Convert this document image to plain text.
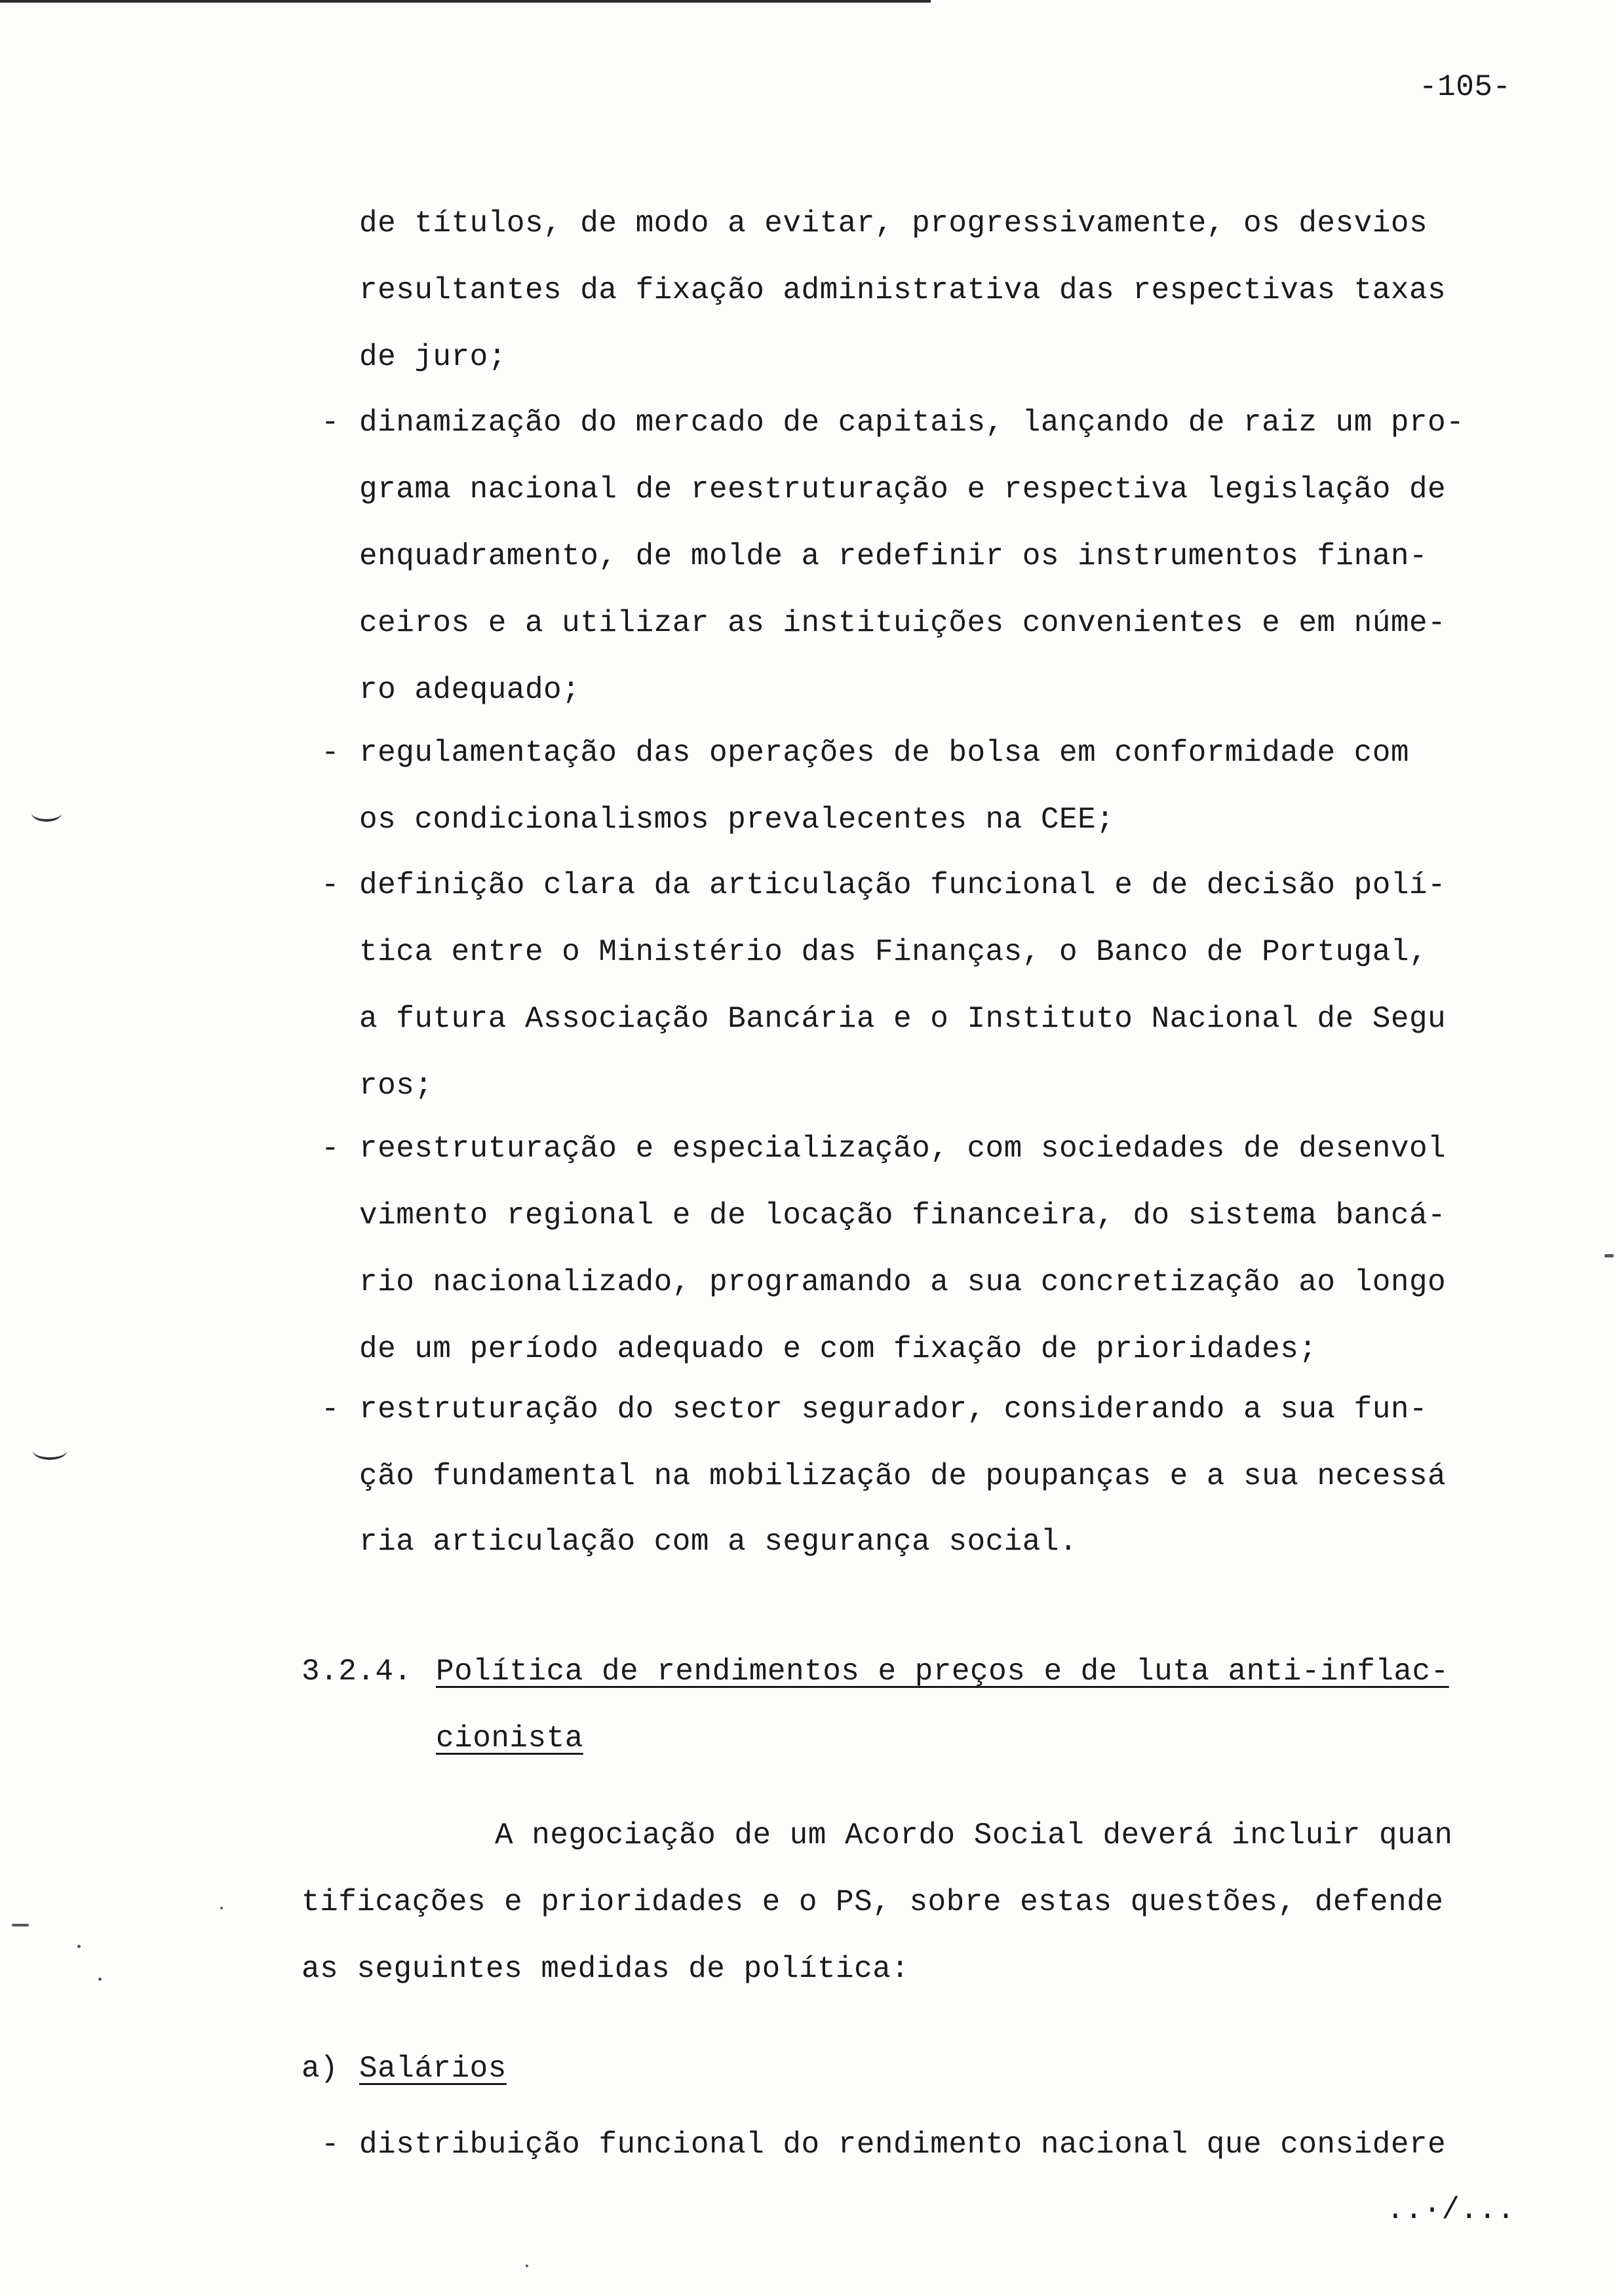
-105-
de títulos, de modo a evitar, progressivamente, os desvios
resultantes da fixação administrativa das respectivas taxas
de juro;
- dinamização do mercado de capitais, lançando de raiz um pro-
grama nacional de reestruturação e respectiva legislação de
enquadramento, de molde a redefinir os instrumentos finan-
ceiros e a utilizar as instituições convenientes e em núme-
ro adequado;
- regulamentação das operações de bolsa em conformidade com
os condicionalismos prevalecentes na CEE;
- definição clara da articulação funcional e de decisão polí-
tica entre o Ministério das Finanças, o Banco de Portugal,
a futura Associação Bancária e o Instituto Nacional de Segu
ros;
- reestruturação e especialização, com sociedades de desenvol
vimento regional e de locação financeira, do sistema bancá-
rio nacionalizado, programando a sua concretização ao longo
de um período adequado e com fixação de prioridades;
- restruturação do sector segurador, considerando a sua fun-
ção fundamental na mobilização de poupanças e a sua necessá
ria articulação com a segurança social.
3.2.4. Política de rendimentos e preços e de luta anti-inflac-
cionista
A negociação de um Acordo Social deverá incluir quan
tificações e prioridades e o PS, sobre estas questões, defende
as seguintes medidas de política:
a) Salários
- distribuição funcional do rendimento nacional que considere
..·/...
